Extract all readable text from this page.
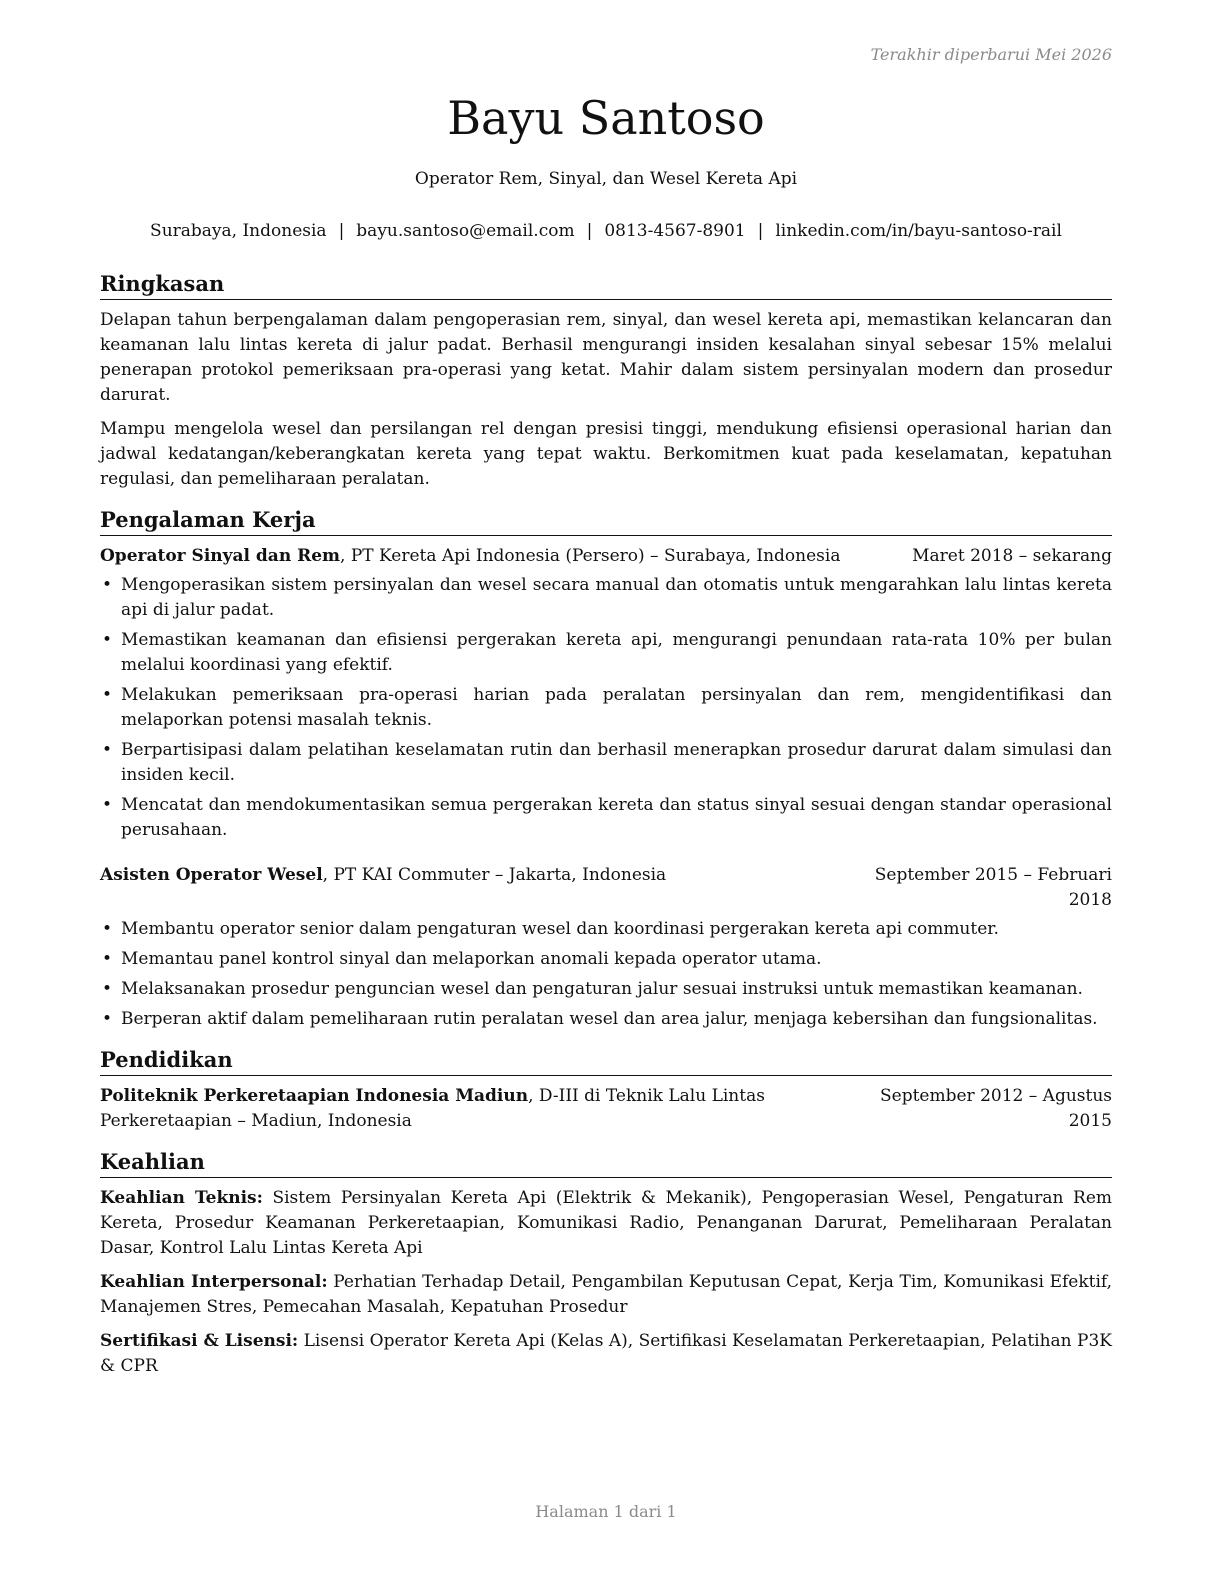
Terakhir diperbarui Mei 2026
Bayu Santoso
Operator Rem, Sinyal, dan Wesel Kereta Api
Surabaya, Indonesia | bayu.santoso@email.com | 0813-4567-8901 | linkedin.com/in/bayu-santoso-rail
Ringkasan

Delapan tahun berpengalaman dalam pengoperasian rem, sinyal, dan wesel kereta api, memastikan kelancaran dan keamanan lalu lintas kereta di jalur padat. Berhasil mengurangi insiden kesalahan sinyal sebesar 15% melalui penerapan protokol pemeriksaan pra-operasi yang ketat. Mahir dalam sistem persinyalan modern dan prosedur darurat.

Mampu mengelola wesel dan persilangan rel dengan presisi tinggi, mendukung efisiensi operasional harian dan jadwal kedatangan/keberangkatan kereta yang tepat waktu. Berkomitmen kuat pada keselamatan, kepatuhan regulasi, dan pemeliharaan peralatan.

Pengalaman Kerja
Operator Sinyal dan Rem, PT Kereta Api Indonesia (Persero) – Surabaya, Indonesia	Maret 2018 – sekarang
• Mengoperasikan sistem persinyalan dan wesel secara manual dan otomatis untuk mengarahkan lalu lintas kereta api di jalur padat.
• Memastikan keamanan dan efisiensi pergerakan kereta api, mengurangi penundaan rata-rata 10% per bulan melalui koordinasi yang efektif.
• Melakukan pemeriksaan pra-operasi harian pada peralatan persinyalan dan rem, mengidentifikasi dan melaporkan potensi masalah teknis.
• Berpartisipasi dalam pelatihan keselamatan rutin dan berhasil menerapkan prosedur darurat dalam simulasi dan insiden kecil.
• Mencatat dan mendokumentasikan semua pergerakan kereta dan status sinyal sesuai dengan standar operasional perusahaan.
Asisten Operator Wesel, PT KAI Commuter – Jakarta, Indonesia	September 2015 – Februari 2018
• Membantu operator senior dalam pengaturan wesel dan koordinasi pergerakan kereta api commuter.
• Memantau panel kontrol sinyal dan melaporkan anomali kepada operator utama.
• Melaksanakan prosedur penguncian wesel dan pengaturan jalur sesuai instruksi untuk memastikan keamanan.
• Berperan aktif dalam pemeliharaan rutin peralatan wesel dan area jalur, menjaga kebersihan dan fungsionalitas.
Pendidikan
Politeknik Perkeretaapian Indonesia Madiun, D-III di Teknik Lalu Lintas Perkeretaapian – Madiun, Indonesia
September 2012 – Agustus 2015
Keahlian

Keahlian Teknis: Sistem Persinyalan Kereta Api (Elektrik & Mekanik), Pengoperasian Wesel, Pengaturan Rem Kereta, Prosedur Keamanan Perkeretaapian, Komunikasi Radio, Penanganan Darurat, Pemeliharaan Peralatan Dasar, Kontrol Lalu Lintas Kereta Api

Keahlian Interpersonal: Perhatian Terhadap Detail, Pengambilan Keputusan Cepat, Kerja Tim, Komunikasi Efektif, Manajemen Stres, Pemecahan Masalah, Kepatuhan Prosedur

Sertifikasi & Lisensi: Lisensi Operator Kereta Api (Kelas A), Sertifikasi Keselamatan Perkeretaapian, Pelatihan P3K & CPR

Halaman 1 dari 1
